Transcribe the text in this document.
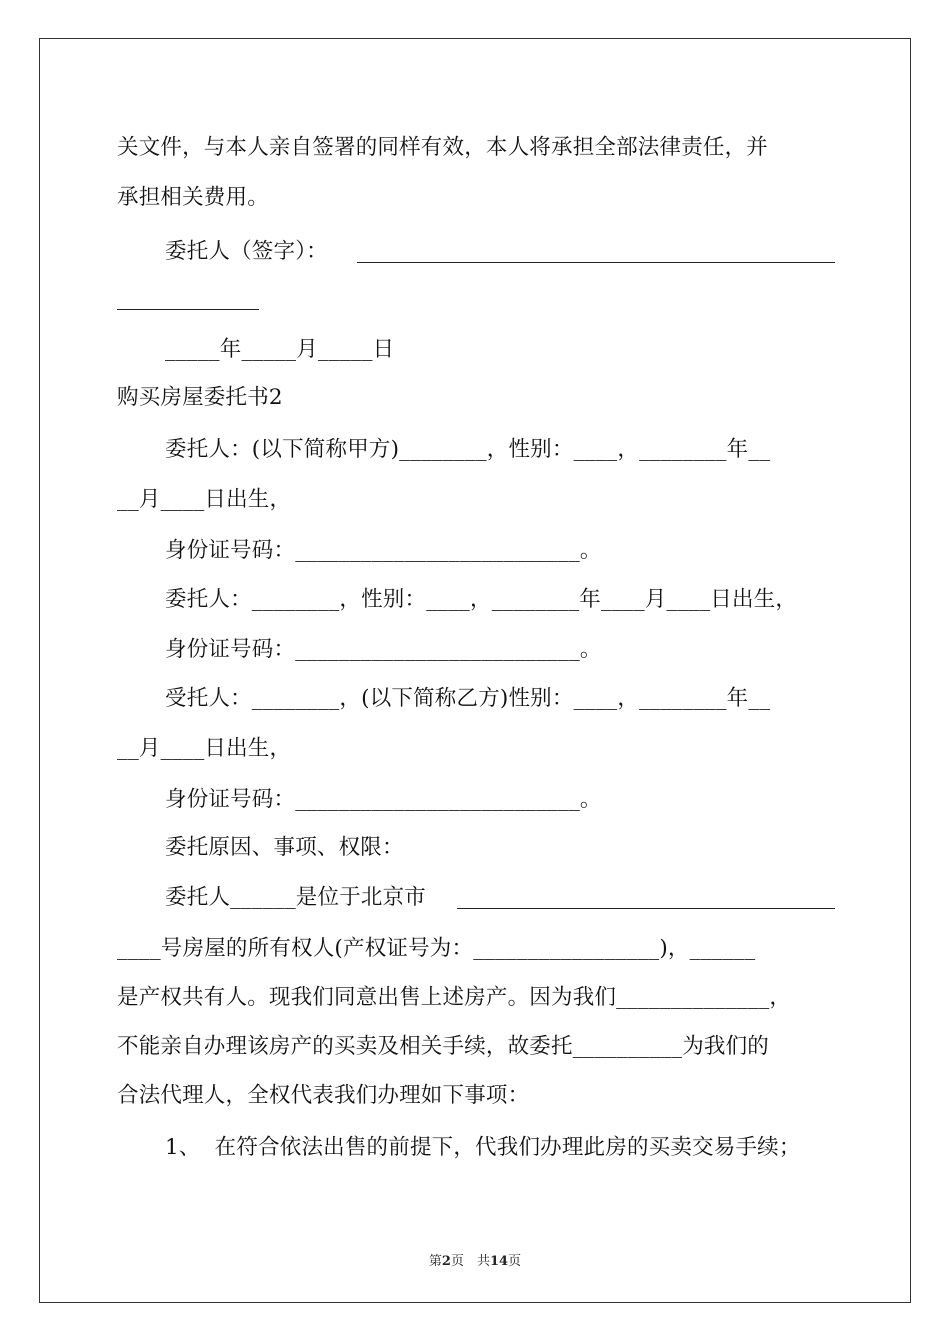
关文件，与本人亲自签署的同样有效，本人将承担全部法律责任，并
承担相关费用。
委托人（签字）：
_____年_____月_____日
购买房屋委托书2
委托人：(以下简称甲方)________，性别：____，________年__
__月____日出生，
身份证号码：__________________________。
委托人：________，性别：____，________年____月____日出生，
身份证号码：__________________________。
受托人：________，(以下简称乙方)性别：____，________年__
__月____日出生，
身份证号码：__________________________。
委托原因、事项、权限：
委托人______是位于北京市
____号房屋的所有权人(产权证号为：_________________)，______
是产权共有人。现我们同意出售上述房产。因为我们______________，
不能亲自办理该房产的买卖及相关手续，故委托__________为我们的
合法代理人，全权代表我们办理如下事项：
1、  在符合依法出售的前提下，代我们办理此房的买卖交易手续；
第2页　共14页
